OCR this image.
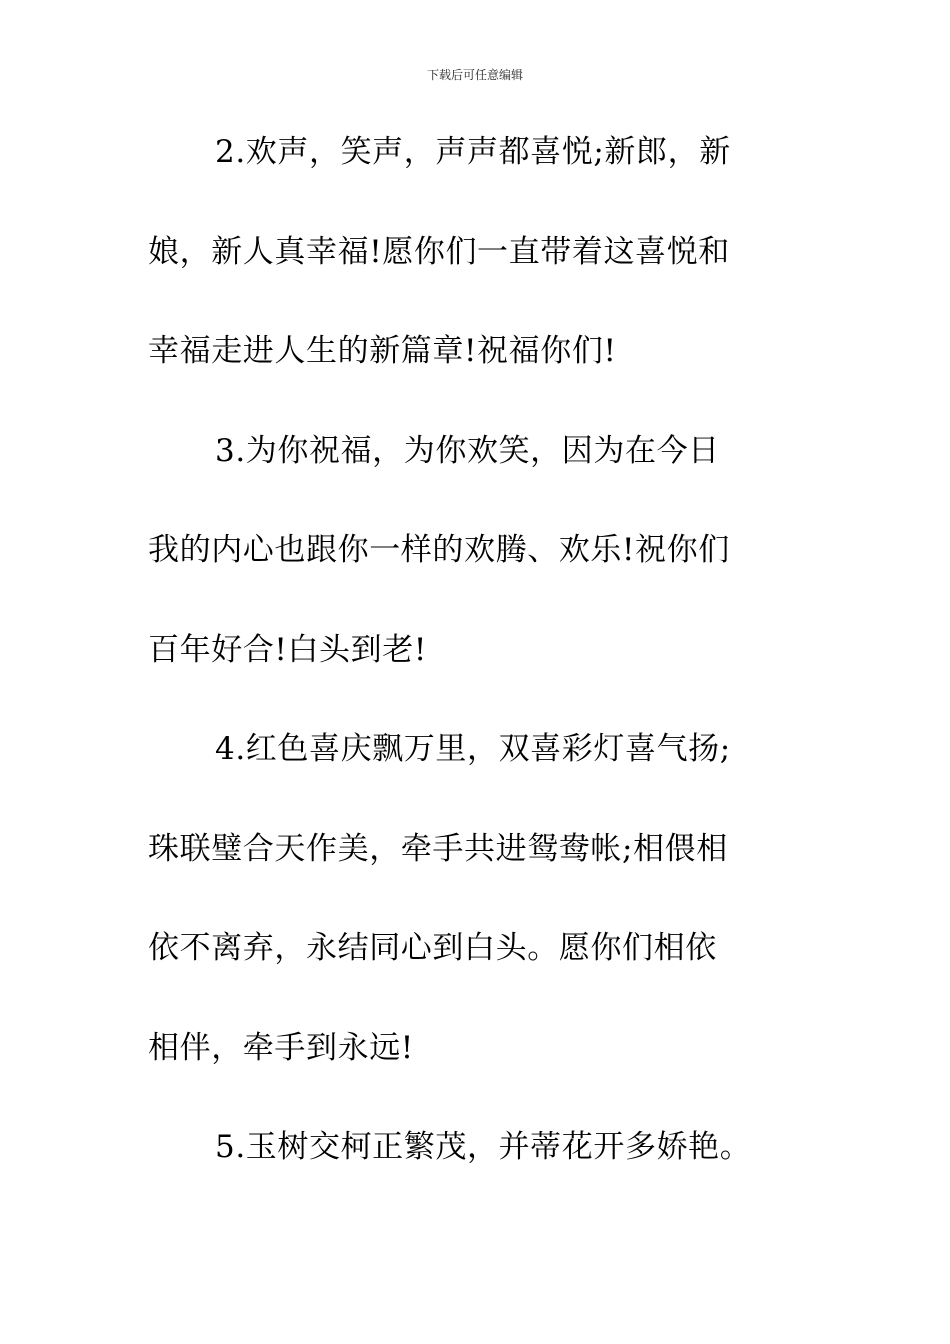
下载后可任意编辑
2.欢声，笑声，声声都喜悦;新郎，新
娘，新人真幸福!愿你们一直带着这喜悦和
幸福走进人生的新篇章!祝福你们!
3.为你祝福，为你欢笑，因为在今日
我的内心也跟你一样的欢腾、欢乐!祝你们
百年好合!白头到老!
4.红色喜庆飘万里，双喜彩灯喜气扬;
珠联璧合天作美，牵手共进鸳鸯帐;相偎相
依不离弃，永结同心到白头。愿你们相依
相伴，牵手到永远!
5.玉树交柯正繁茂，并蒂花开多娇艳。
